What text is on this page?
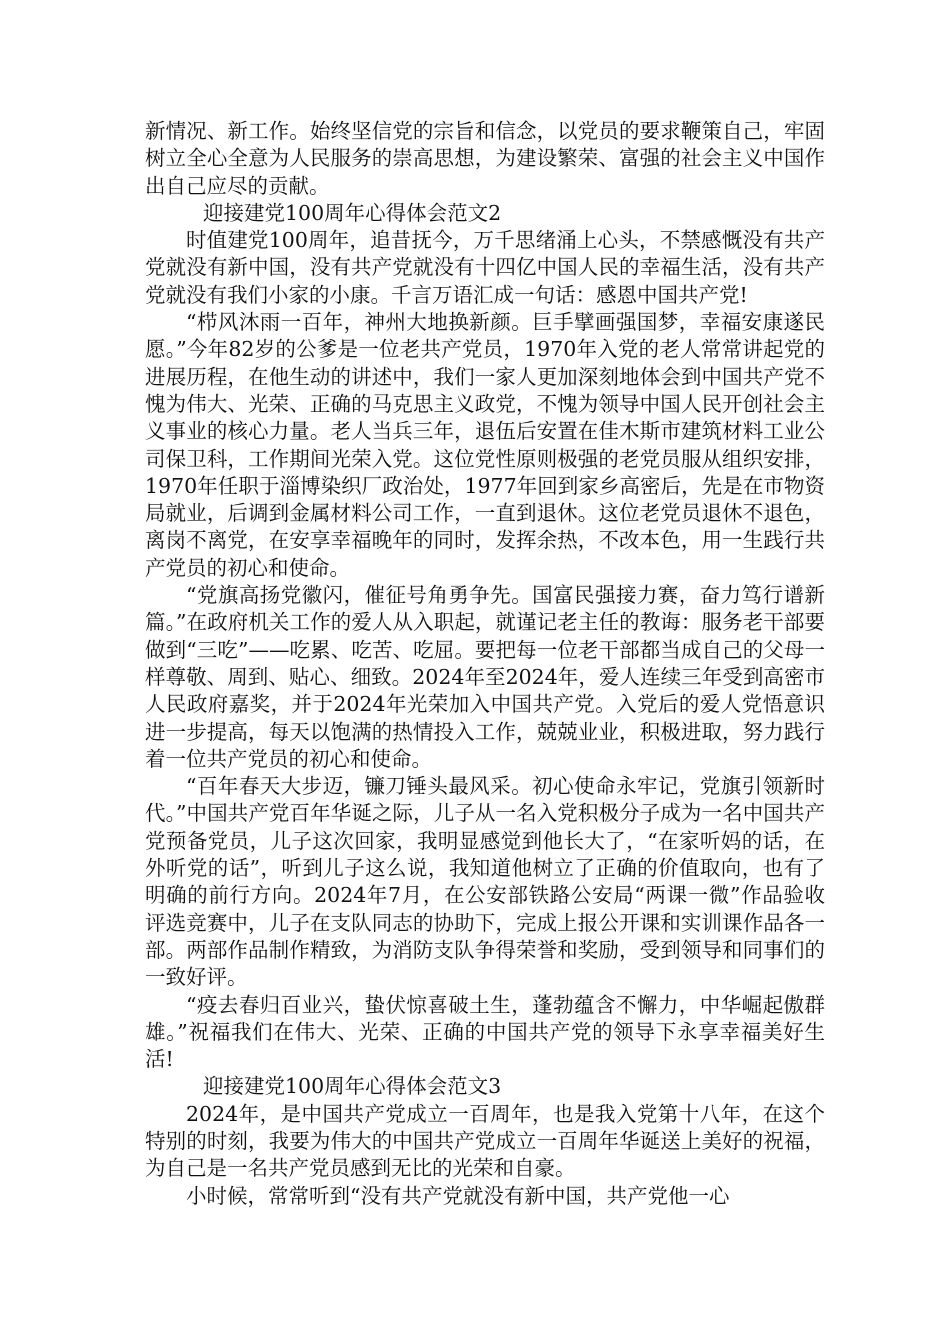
新情况、新工作。始终坚信党的宗旨和信念，以党员的要求鞭策自己，牢固树立全心全意为人民服务的崇高思想，为建设繁荣、富强的社会主义中国作出自己应尽的贡献。

迎接建党100周年心得体会范文2

时值建党100周年，追昔抚今，万千思绪涌上心头，不禁感慨没有共产党就没有新中国，没有共产党就没有十四亿中国人民的幸福生活，没有共产党就没有我们小家的小康。千言万语汇成一句话：感恩中国共产党!

“栉风沐雨一百年，神州大地换新颜。巨手擘画强国梦，幸福安康遂民愿。”今年82岁的公爹是一位老共产党员，1970年入党的老人常常讲起党的进展历程，在他生动的讲述中，我们一家人更加深刻地体会到中国共产党不愧为伟大、光荣、正确的马克思主义政党，不愧为领导中国人民开创社会主义事业的核心力量。老人当兵三年，退伍后安置在佳木斯市建筑材料工业公司保卫科，工作期间光荣入党。这位党性原则极强的老党员服从组织安排，1970年任职于淄博染织厂政治处，1977年回到家乡高密后，先是在市物资局就业，后调到金属材料公司工作，一直到退休。这位老党员退休不退色，离岗不离党，在安享幸福晚年的同时，发挥余热，不改本色，用一生践行共产党员的初心和使命。

“党旗高扬党徽闪，催征号角勇争先。国富民强接力赛，奋力笃行谱新篇。”在政府机关工作的爱人从入职起，就谨记老主任的教诲：服务老干部要做到“三吃”——吃累、吃苦、吃屈。要把每一位老干部都当成自己的父母一样尊敬、周到、贴心、细致。2024年至2024年，爱人连续三年受到高密市人民政府嘉奖，并于2024年光荣加入中国共产党。入党后的爱人党悟意识进一步提高，每天以饱满的热情投入工作，兢兢业业，积极进取，努力践行着一位共产党员的初心和使命。

“百年春天大步迈，镰刀锤头最风采。初心使命永牢记，党旗引领新时代。”中国共产党百年华诞之际，儿子从一名入党积极分子成为一名中国共产党预备党员，儿子这次回家，我明显感觉到他长大了，“在家听妈的话，在外听党的话”，听到儿子这么说，我知道他树立了正确的价值取向，也有了明确的前行方向。2024年7月，在公安部铁路公安局“两课一微”作品验收评选竞赛中，儿子在支队同志的协助下，完成上报公开课和实训课作品各一部。两部作品制作精致，为消防支队争得荣誉和奖励，受到领导和同事们的一致好评。

“疫去春归百业兴，蛰伏惊喜破土生，蓬勃蕴含不懈力，中华崛起傲群雄。”祝福我们在伟大、光荣、正确的中国共产党的领导下永享幸福美好生活!

迎接建党100周年心得体会范文3

2024年，是中国共产党成立一百周年，也是我入党第十八年，在这个特别的时刻，我要为伟大的中国共产党成立一百周年华诞送上美好的祝福，为自己是一名共产党员感到无比的光荣和自豪。

小时候，常常听到“没有共产党就没有新中国，共产党他一心
